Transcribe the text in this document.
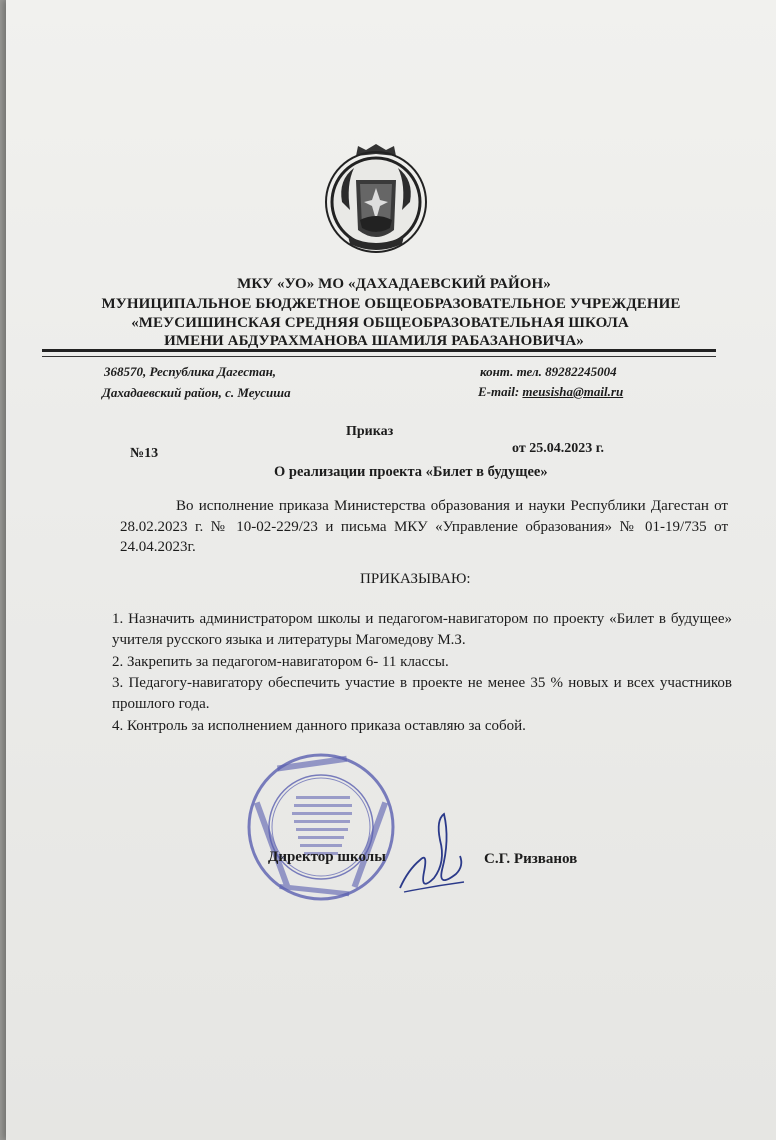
МКУ «УО» МО «ДАХАДАЕВСКИЙ РАЙОН»
МУНИЦИПАЛЬНОЕ БЮДЖЕТНОЕ ОБЩЕОБРАЗОВАТЕЛЬНОЕ УЧРЕЖДЕНИЕ
«МЕУСИШИНСКАЯ СРЕДНЯЯ ОБЩЕОБРАЗОВАТЕЛЬНАЯ ШКОЛА
ИМЕНИ АБДУРАХМАНОВА ШАМИЛЯ РАБАЗАНОВИЧА»
368570, Республика Дагестан,
Дахадаевский район, с. Меусиша
конт. тел. 89282245004
E-mail: meusisha@mail.ru
Приказ
№13	от 25.04.2023 г.
О реализации проекта «Билет в будущее»
Во исполнение приказа Министерства образования и науки Республики Дагестан от 28.02.2023 г. № 10-02-229/23 и письма МКУ «Управление образования» № 01-19/735 от 24.04.2023г.
ПРИКАЗЫВАЮ:
1. Назначить администратором школы и педагогом-навигатором по проекту «Билет в будущее» учителя русского языка и литературы Магомедову М.З.
2. Закрепить за педагогом-навигатором 6- 11 классы.
3. Педагогу-навигатору обеспечить участие в проекте не менее 35 % новых и всех участников прошлого года.
4. Контроль за исполнением данного приказа оставляю за собой.
Директор школы	С.Г. Ризванов
